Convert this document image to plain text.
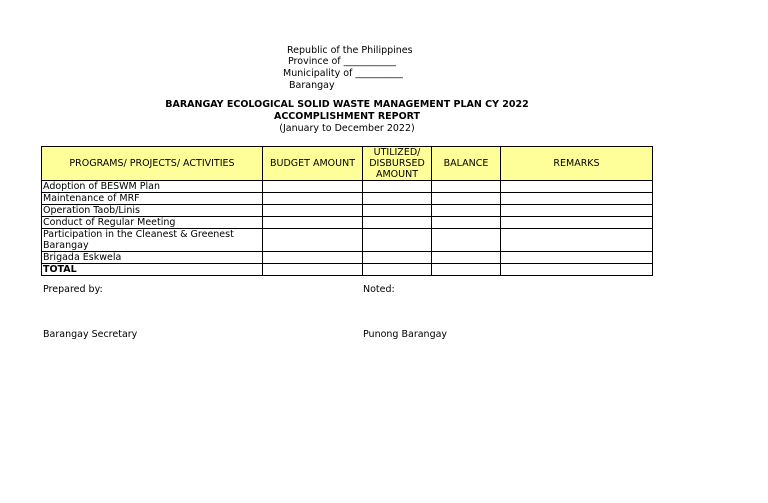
Republic of the Philippines
Province of ___________
Municipality of __________
Barangay
BARANGAY ECOLOGICAL SOLID WASTE MANAGEMENT PLAN CY 2022
ACCOMPLISHMENT REPORT
(January to December 2022)
PROGRAMS/ PROJECTS/ ACTIVITIES	BUDGET AMOUNT	UTILIZED/ DISBURSED AMOUNT	BALANCE	REMARKS
Adoption of BESWM Plan				
Maintenance of MRF				
Operation Taob/Linis				
Conduct of Regular Meeting				
Participation in the Cleanest & Greenest Barangay				
Brigada Eskwela				
TOTAL				
Prepared by:	Noted:
Barangay Secretary	Punong Barangay
